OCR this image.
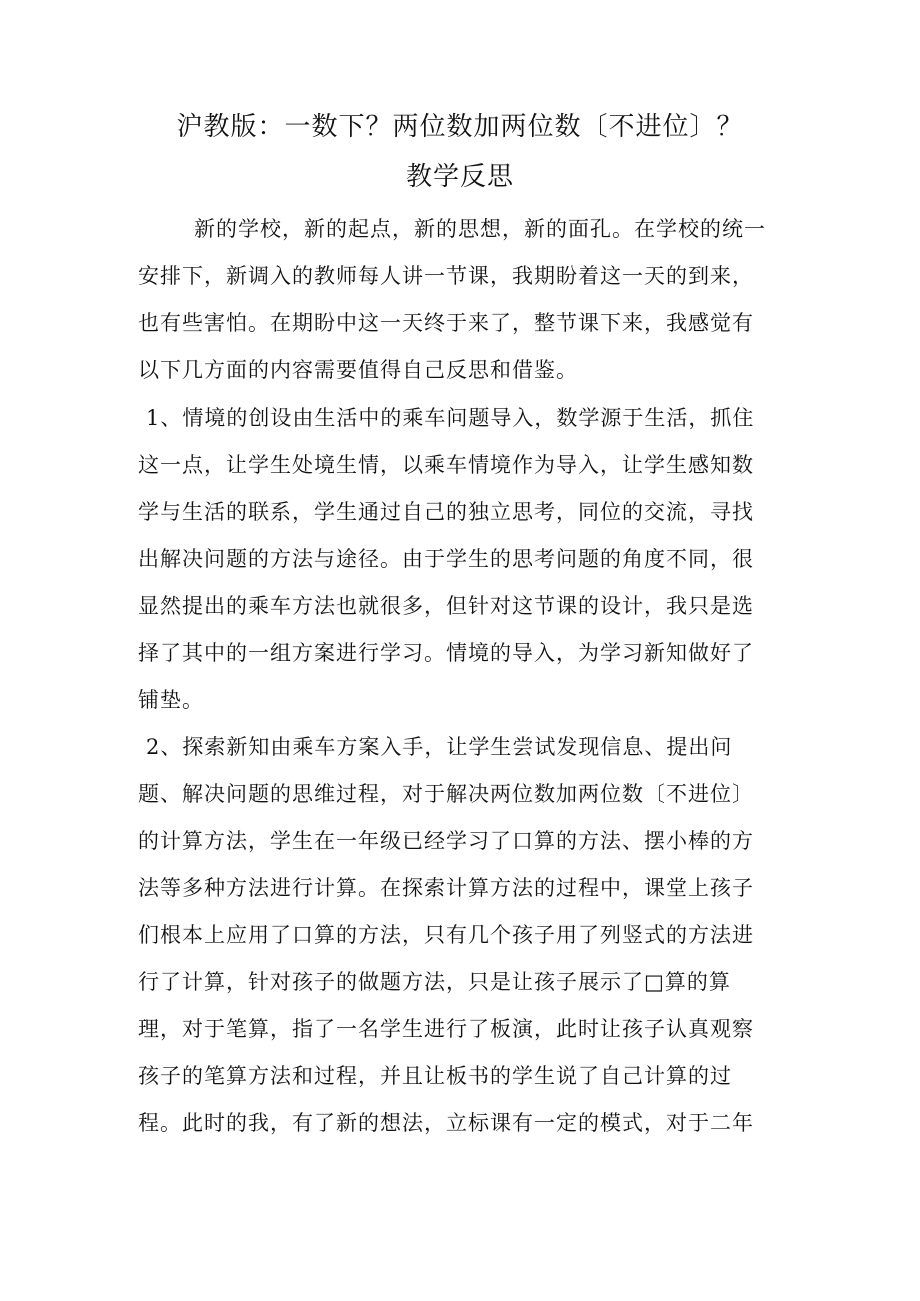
沪教版：一数下？两位数加两位数〔不进位〕？
教学反思
新的学校，新的起点，新的思想，新的面孔。在学校的统一
安排下，新调入的教师每人讲一节课，我期盼着这一天的到来，
也有些害怕。在期盼中这一天终于来了，整节课下来，我感觉有
以下几方面的内容需要值得自己反思和借鉴。
1、情境的创设由生活中的乘车问题导入，数学源于生活，抓住
这一点，让学生处境生情，以乘车情境作为导入，让学生感知数
学与生活的联系，学生通过自己的独立思考，同位的交流，寻找
出解决问题的方法与途径。由于学生的思考问题的角度不同，很
显然提出的乘车方法也就很多，但针对这节课的设计，我只是选
择了其中的一组方案进行学习。情境的导入，为学习新知做好了
铺垫。
2、探索新知由乘车方案入手，让学生尝试发现信息、提出问
题、解决问题的思维过程，对于解决两位数加两位数〔不进位〕
的计算方法，学生在一年级已经学习了口算的方法、摆小棒的方
法等多种方法进行计算。在探索计算方法的过程中，课堂上孩子
们根本上应用了口算的方法，只有几个孩子用了列竖式的方法进
行了计算，针对孩子的做题方法，只是让孩子展示了□算的算
理，对于笔算，指了一名学生进行了板演，此时让孩子认真观察
孩子的笔算方法和过程，并且让板书的学生说了自己计算的过
程。此时的我，有了新的想法，立标课有一定的模式，对于二年
